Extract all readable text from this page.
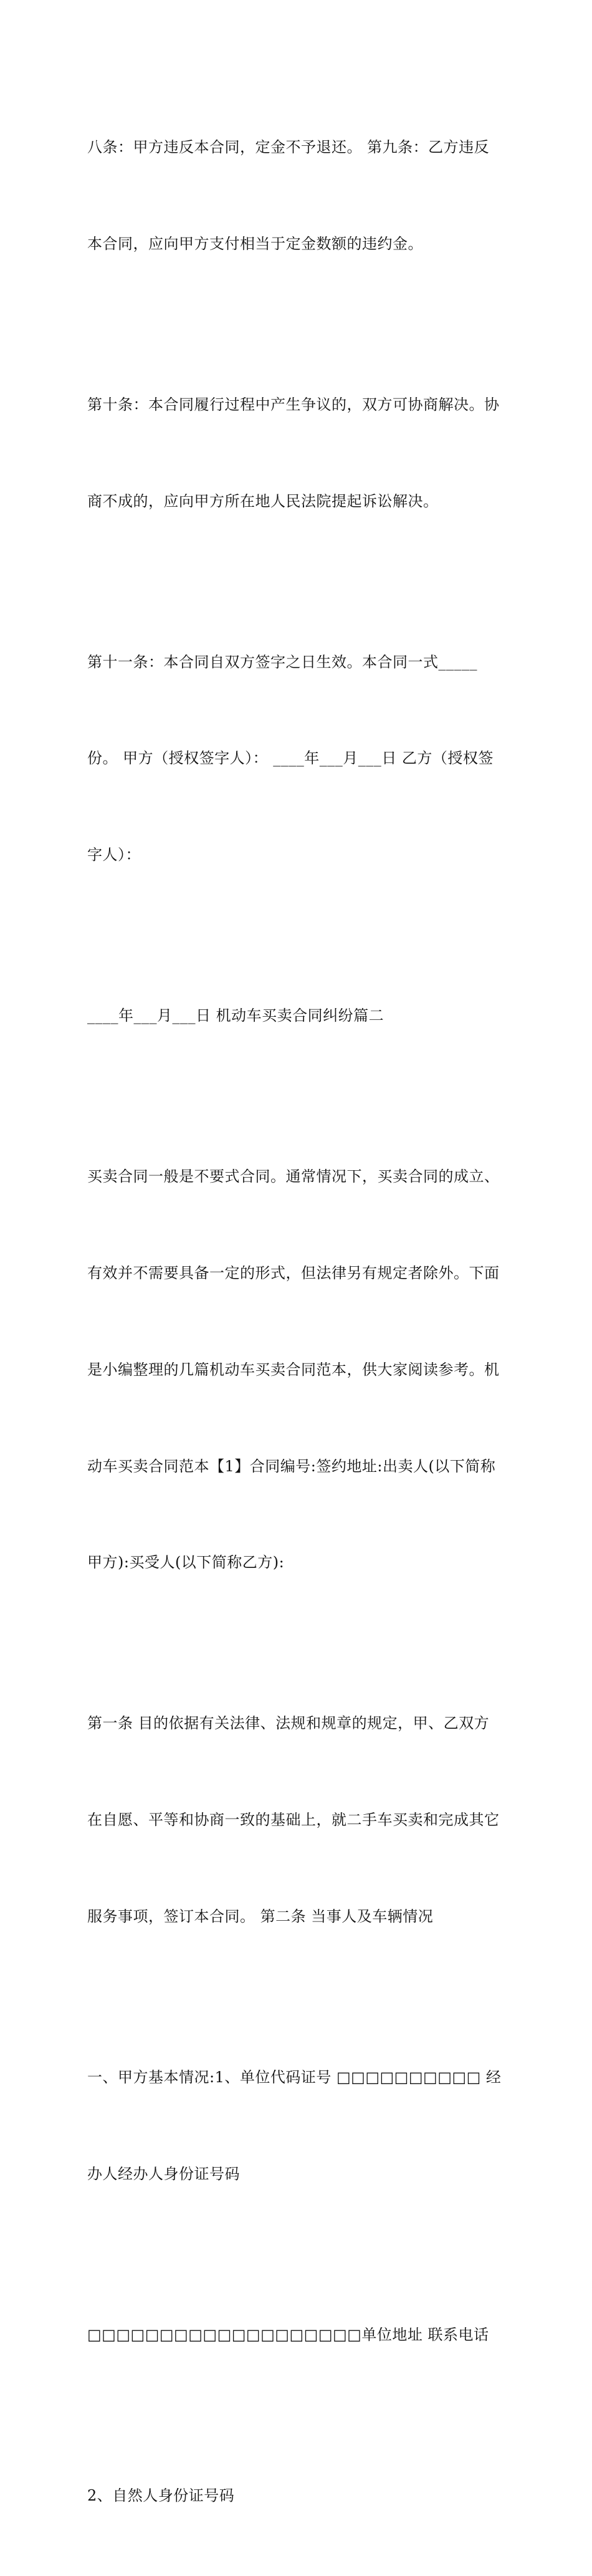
八条：甲方违反本合同，定金不予退还。 第九条：乙方违反

本合同，应向甲方支付相当于定金数额的违约金。

第十条：本合同履行过程中产生争议的，双方可协商解决。协

商不成的，应向甲方所在地人民法院提起诉讼解决。

第十一条：本合同自双方签字之日生效。本合同一式_____

份。 甲方（授权签字人）： ____年___月___日 乙方（授权签

字人）：

____年___月___日 机动车买卖合同纠纷篇二

买卖合同一般是不要式合同。通常情况下，买卖合同的成立、

有效并不需要具备一定的形式，但法律另有规定者除外。下面

是小编整理的几篇机动车买卖合同范本，供大家阅读参考。机

动车买卖合同范本【1】合同编号:签约地址:出卖人(以下简称

甲方):买受人(以下简称乙方):

第一条 目的依据有关法律、法规和规章的规定，甲、乙双方

在自愿、平等和协商一致的基础上，就二手车买卖和完成其它

服务事项，签订本合同。 第二条 当事人及车辆情况

一、甲方基本情况:1、单位代码证号 □□□□□□□□□□ 经

办人经办人身份证号码

□□□□□□□□□□□□□□□□□□□单位地址 联系电话

2、自然人身份证号码
